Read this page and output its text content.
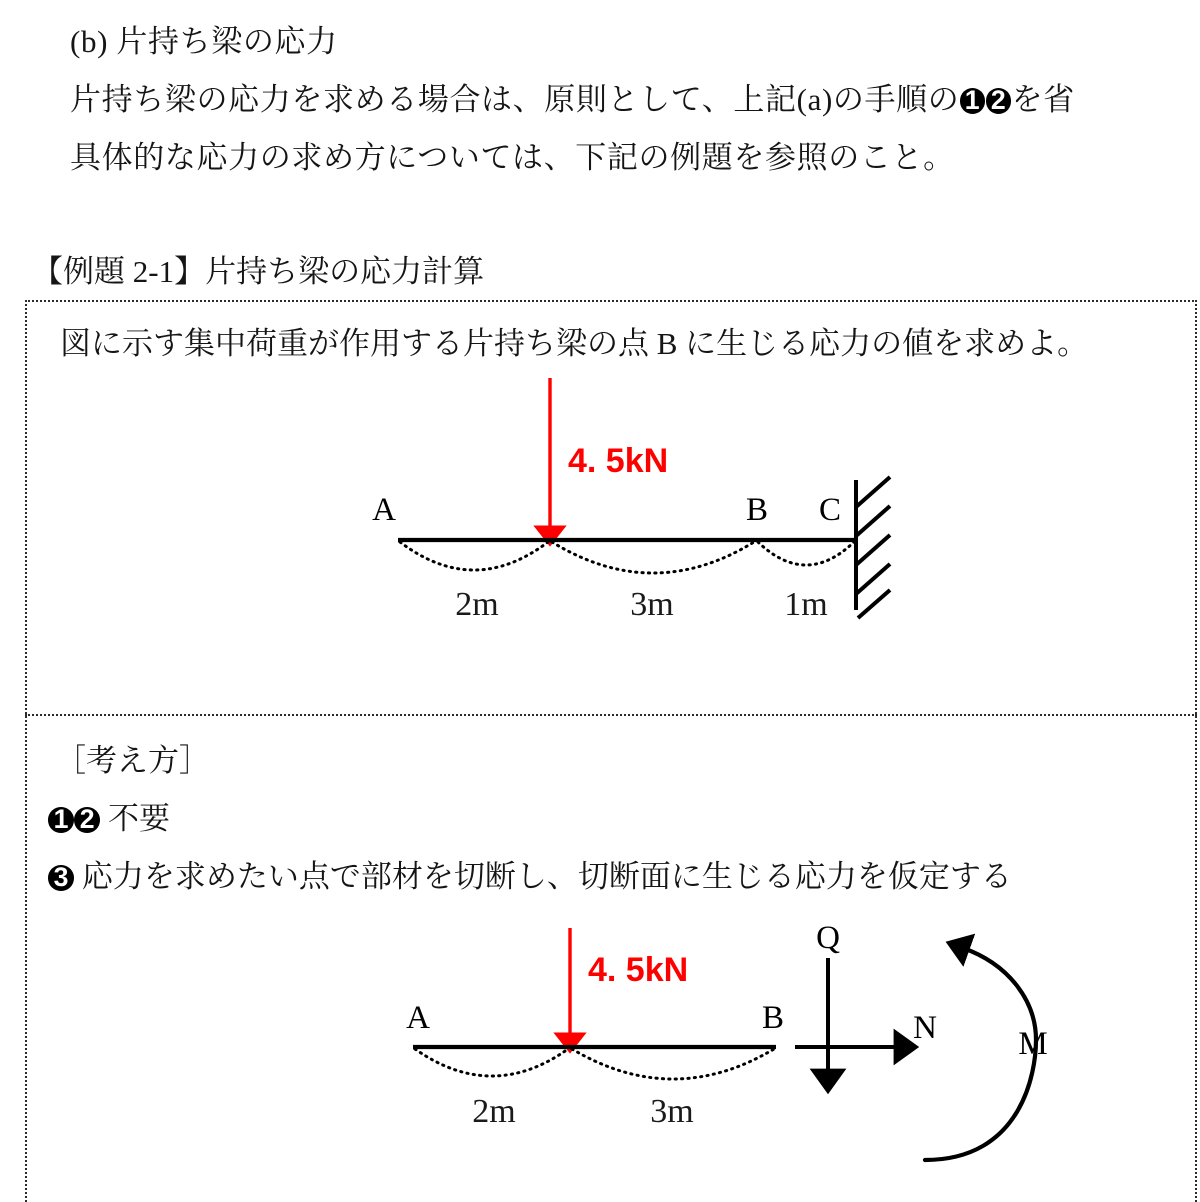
(b) 片持ち梁の応力
片持ち梁の応力を求める場合は、原則として、上記(a)の手順の 1 2 を省
具体的な応力の求め方については、下記の例題を参照のこと。
【例題 2-1】片持ち梁の応力計算
図に示す集中荷重が作用する片持ち梁の点 B に生じる応力の値を求めよ。
4. 5kN
A	B C
2m	3m	1m
［考え方］
1 2 不要
3 応力を求めたい点で部材を切断し、切断面に生じる応力を仮定する
4. 5kN
A	B
2m	3m
Q
N M
